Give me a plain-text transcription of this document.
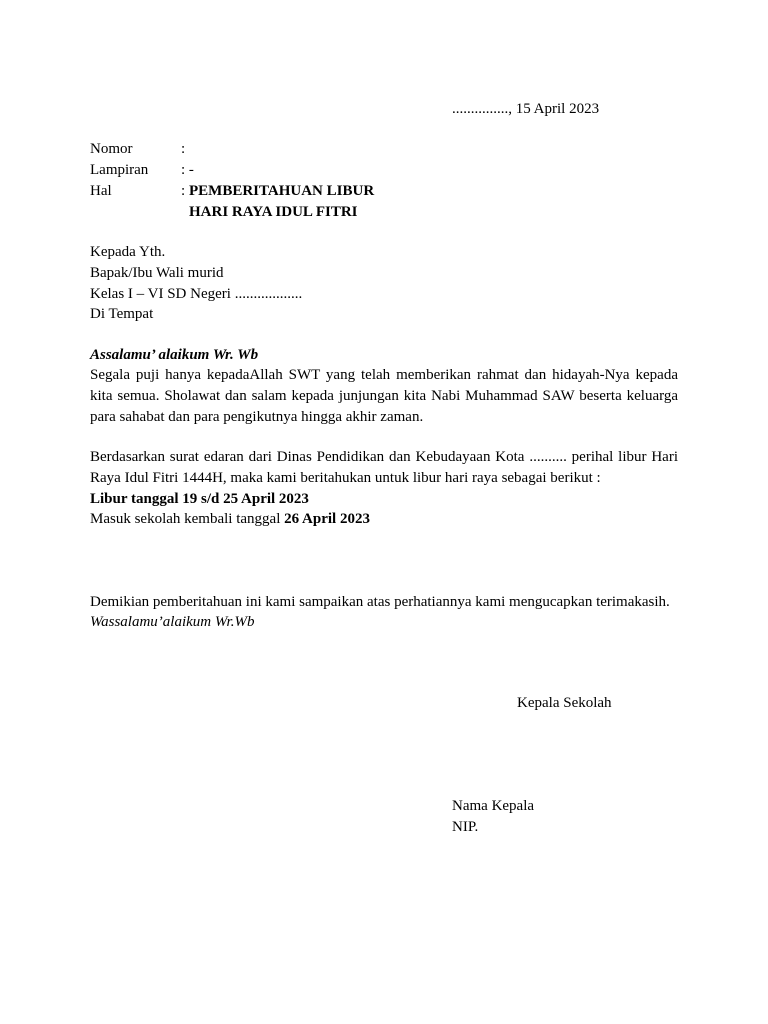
..............., 15 April 2023
Nomor	:
Lampiran : -
Hal	: PEMBERITAHUAN LIBUR
HARI RAYA IDUL FITRI
Kepada Yth.
Bapak/Ibu Wali murid
Kelas I – VI SD Negeri ..................
Di Tempat
Assalamu’ alaikum Wr. Wb
Segala puji hanya kepadaAllah SWT yang telah memberikan rahmat dan hidayah-Nya kepada
kita semua. Sholawat dan salam kepada junjungan kita Nabi Muhammad SAW beserta keluarga
para sahabat dan para pengikutnya hingga akhir zaman.
Berdasarkan surat edaran dari Dinas Pendidikan dan Kebudayaan Kota .......... perihal libur Hari
Raya Idul Fitri 1444H, maka kami beritahukan untuk libur hari raya sebagai berikut :
Libur tanggal 19 s/d 25 April 2023
Masuk sekolah kembali tanggal 26 April 2023
Demikian pemberitahuan ini kami sampaikan atas perhatiannya kami mengucapkan terimakasih.
Wassalamu’alaikum Wr.Wb
Kepala Sekolah
Nama Kepala
NIP.
